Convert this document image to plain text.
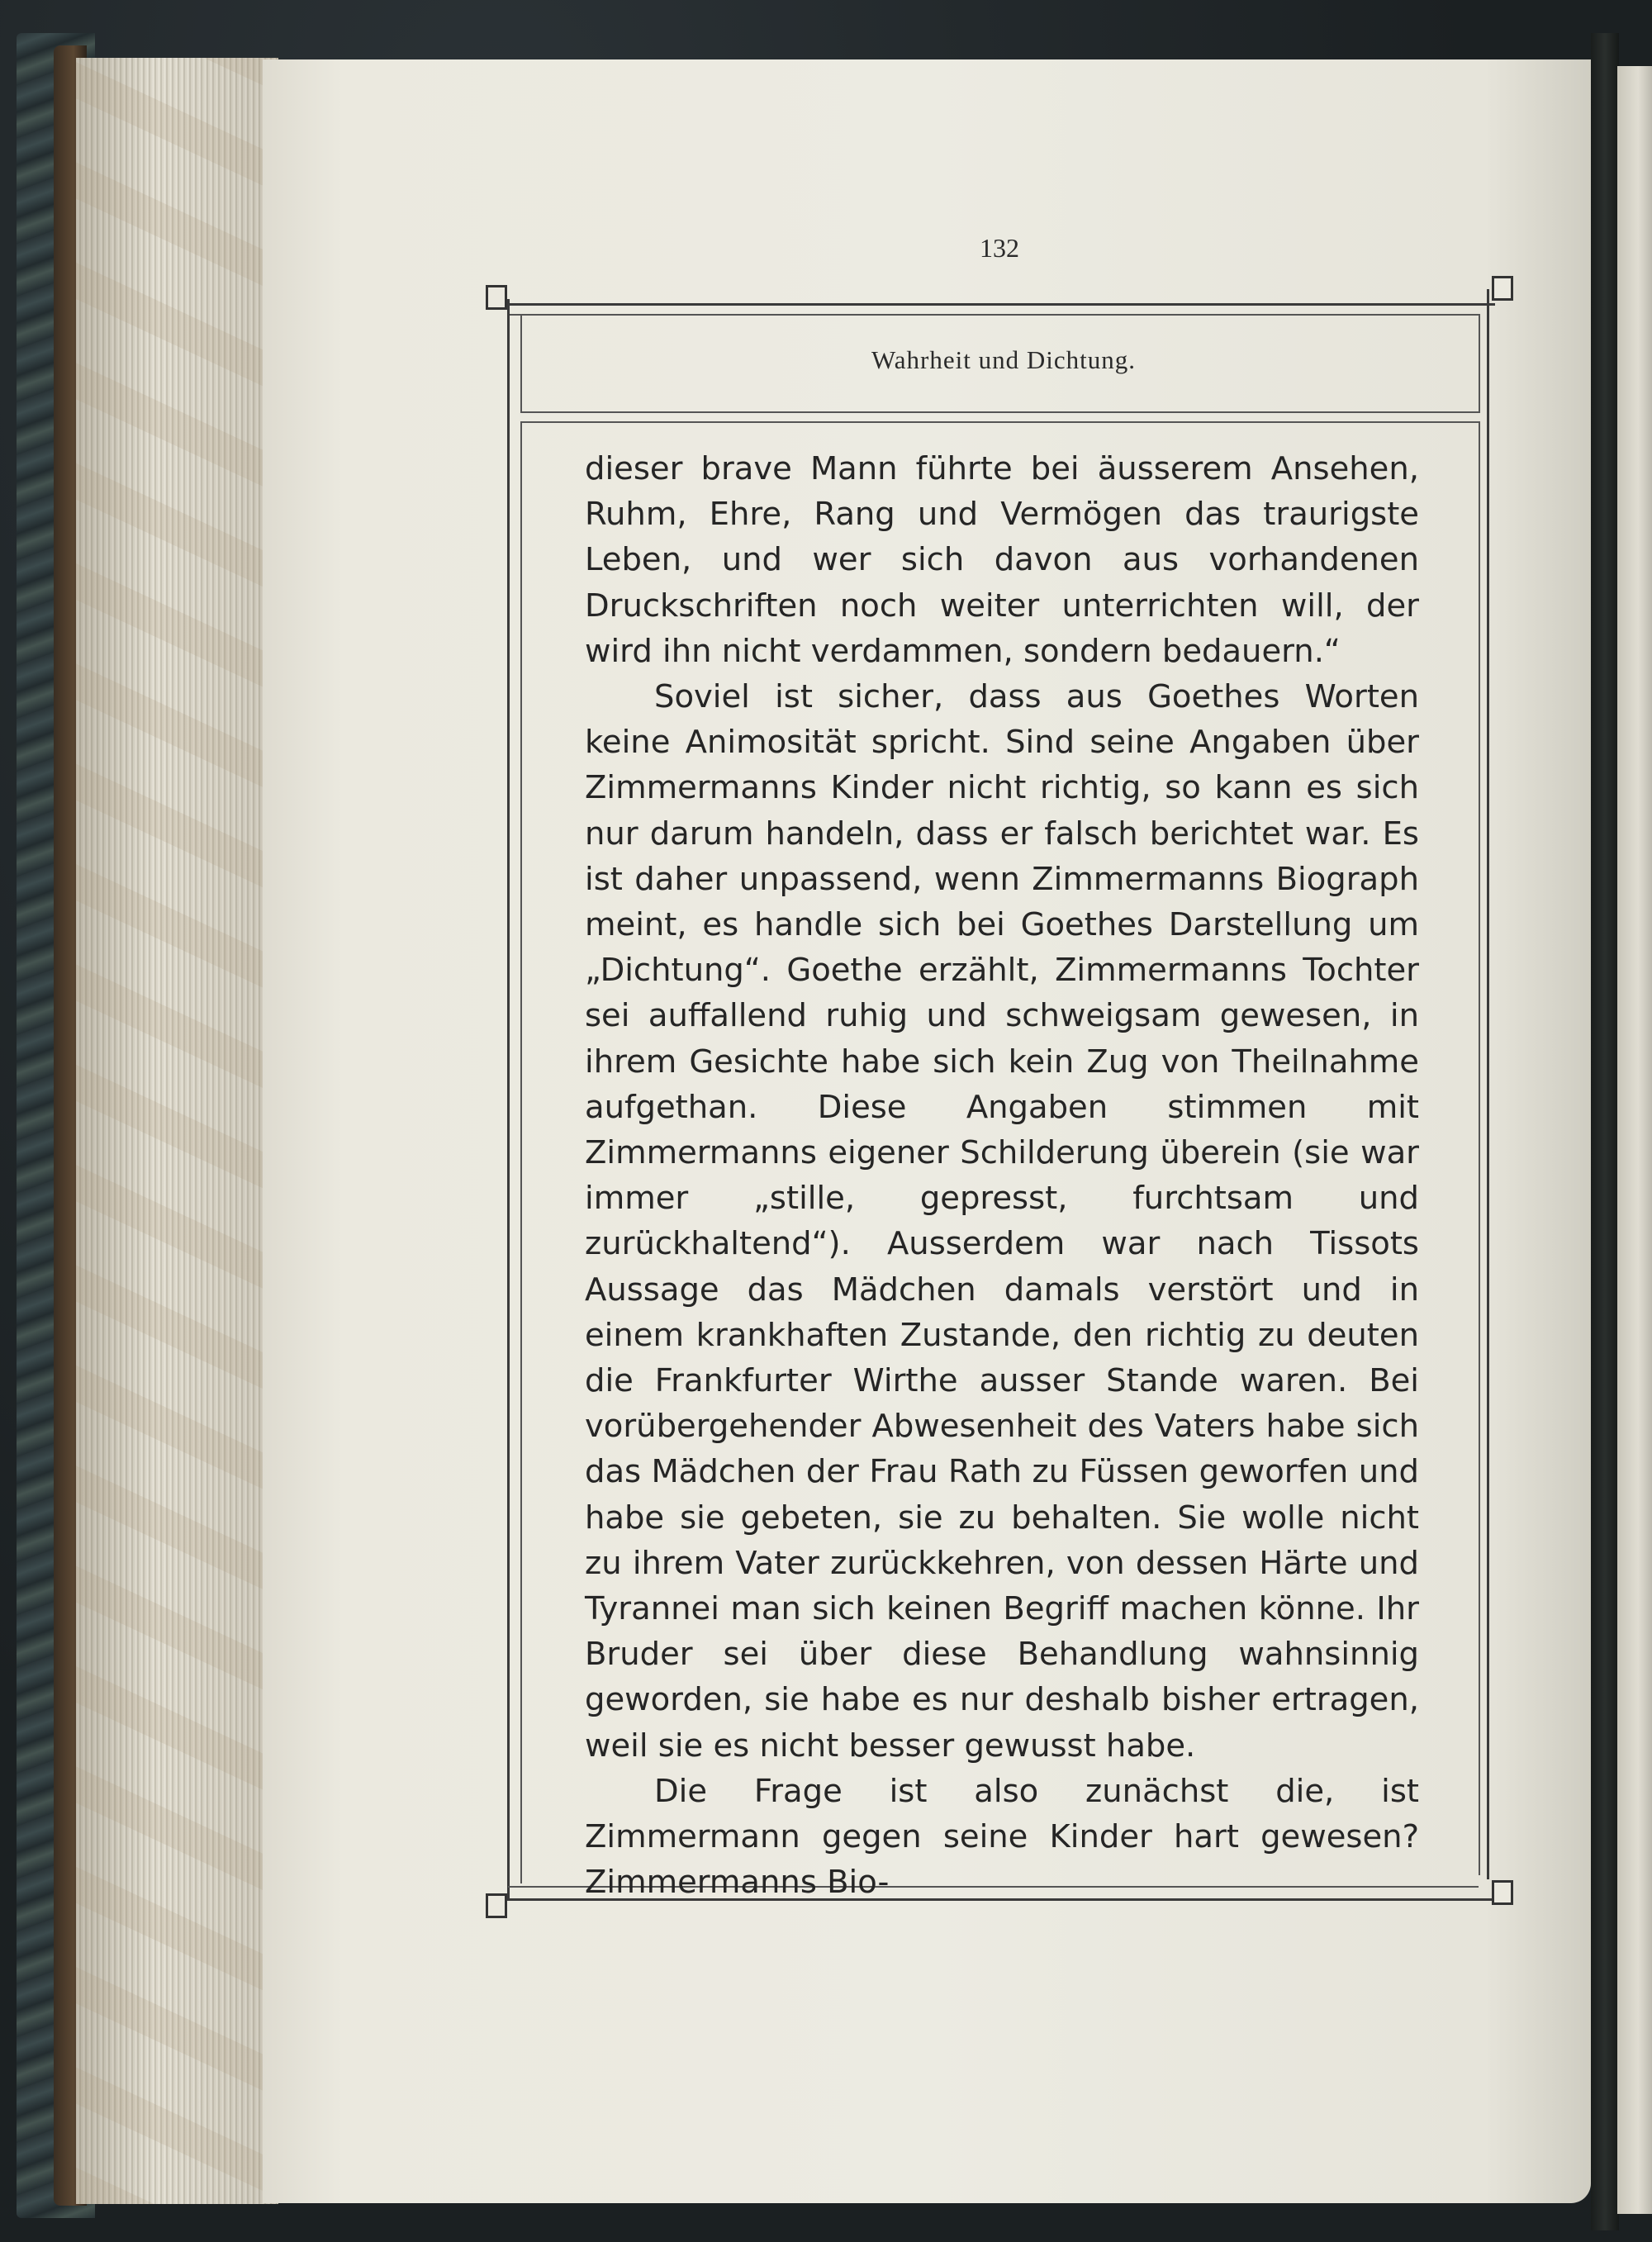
132
Wahrheit und Dichtung.

dieser brave Mann führte bei äusserem Ansehen, Ruhm, Ehre, Rang und Vermögen das traurigste Leben, und wer sich davon aus vorhandenen Druckschriften noch weiter unterrichten will, der wird ihn nicht verdammen, sondern bedauern.“

Soviel ist sicher, dass aus Goethes Worten keine Animosität spricht. Sind seine Angaben über Zimmermanns Kinder nicht richtig, so kann es sich nur darum handeln, dass er falsch berichtet war. Es ist daher unpassend, wenn Zimmermanns Biograph meint, es handle sich bei Goethes Darstellung um „Dichtung“. Goethe erzählt, Zimmermanns Tochter sei auffallend ruhig und schweigsam gewesen, in ihrem Gesichte habe sich kein Zug von Theilnahme aufgethan. Diese Angaben stimmen mit Zimmermanns eigener Schilderung überein (sie war immer „stille, gepresst, furchtsam und zurückhaltend“). Ausserdem war nach Tissots Aussage das Mädchen damals verstört und in einem krankhaften Zustande, den richtig zu deuten die Frankfurter Wirthe ausser Stande waren. Bei vorübergehender Abwesenheit des Vaters habe sich das Mädchen der Frau Rath zu Füssen geworfen und habe sie gebeten, sie zu behalten. Sie wolle nicht zu ihrem Vater zurückkehren, von dessen Härte und Tyrannei man sich keinen Begriff machen könne. Ihr Bruder sei über diese Behandlung wahnsinnig geworden, sie habe es nur deshalb bisher ertragen, weil sie es nicht besser gewusst habe.

Die Frage ist also zunächst die, ist Zimmermann gegen seine Kinder hart gewesen? Zimmermanns Bio-
